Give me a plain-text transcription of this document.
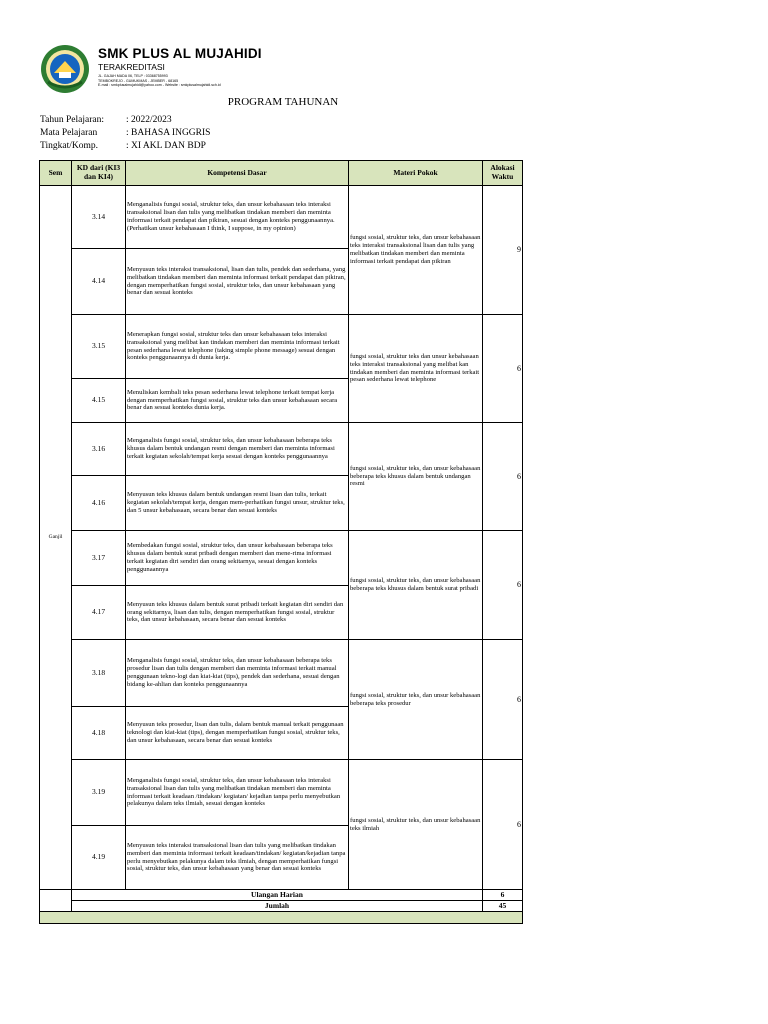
SMK PLUS AL MUJAHIDI
TERAKREDITASI
JL. GAJAH MADA 06, TELP : 03368755993
TEMBOKREJO - GUMUKMAS - JEMBER - 68165
E-mail : smkplusalmujahidi@yahoo.com - Website : smkplusalmujahidi.sch.id
PROGRAM TAHUNAN
Tahun Pelajaran: : 2022/2023
Mata Pelajaran	: BAHASA INGGRIS
Tingkat/Komp.	: XI AKL DAN BDP
Sem	KD dari (KI3 dan KI4)	Kompetensi Dasar	Materi Pokok	Alokasi Waktu
Ganjil	3.14	Menganalisis fungsi sosial, struktur teks, dan unsur kebahasaan teks interaksi transaksional lisan dan tulis yang melibatkan tindakan memberi dan meminta informasi terkait pendapat dan pikiran, sesuai dengan konteks penggunaannya. (Perhatikan unsur kebahasaan I think, I suppose, in my opinion)	fungsi sosial, struktur teks, dan unsur kebahasaan teks interaksi transaksional lisan dan tulis yang melibatkan tindakan memberi dan meminta informasi terkait pendapat dan pikiran	9
	4.14	Menyusun teks interaksi transaksional, lisan dan tulis, pendek dan sederhana, yang melibatkan tindakan memberi dan meminta informasi terkait pendapat dan pikiran, dengan memperhatikan fungsi sosial, struktur teks, dan unsur kebahasaan yang benar dan sesuai konteks		
	3.15	Menerapkan fungsi sosial, struktur teks dan unsur kebahasaan teks interaksi transaksional yang melibat kan tindakan memberi dan meminta informasi terkait pesan sederhana lewat telephone (taking simple phone message) sesuai dengan konteks penggunaannya di dunia kerja.	fungsi sosial, struktur teks dan unsur kebahasaan teks interaksi transaksional yang melibat kan tindakan memberi dan meminta informasi terkait pesan sederhana lewat telephone	6
	4.15	Menuliskan kembali teks pesan sederhana lewat telephone terkait tempat kerja dengan memperhatikan fungsi sosial, struktur teks dan unsur kebahasaan secara benar dan sesuai konteks dunia kerja.		
	3.16	Menganalisis fungsi sosial, struktur teks, dan unsur kebahasaan beberapa teks khusus dalam bentuk undangan resmi dengan memberi dan meminta informasi terkait kegiatan sekolah/tempat kerja sesuai dengan konteks penggunaannya	fungsi sosial, struktur teks, dan unsur kebahasaan beberapa teks khusus dalam bentuk undangan resmi	6
	4.16	Menyusun teks khusus dalam bentuk undangan resmi lisan dan tulis, terkait kegiatan sekolah/tempat kerja, dengan mem-perhatikan fungsi unsur, struktur teks, dan 5 unsur kebahasaan, secara benar dan sesuai konteks		
	3.17	Membedakan fungsi sosial, struktur teks, dan unsur kebahasaan beberapa teks khusus dalam bentuk surat pribadi dengan memberi dan mene-rima informasi terkait kegiatan diri sendiri dan orang sekitarnya, sesuai dengan konteks penggunaannya	fungsi sosial, struktur teks, dan unsur kebahasaan beberapa teks khusus dalam bentuk surat pribadi	6
	4.17	Menyusun teks khusus dalam bentuk surat pribadi terkait kegiatan diri sendiri dan orang sekitarnya, lisan dan tulis, dengan memperhatikan fungsi sosial, struktur teks, dan unsur kebahasaan, secara benar dan sesuai konteks		
	3.18	Menganalisis fungsi sosial, struktur teks, dan unsur kebahasaan beberapa teks prosedur lisan dan tulis dengan memberi dan meminta informasi terkait manual penggunaan tekno-logi dan kiat-kiat (tips), pendek dan sederhana, sesuai dengan bidang ke-ahlian dan konteks penggunaannya	fungsi sosial, struktur teks, dan unsur kebahasaan beberapa teks prosedur	6
	4.18	Menyusun teks prosedur, lisan dan tulis, dalam bentuk manual terkait penggunaan teknologi dan kiat-kiat (tips), dengan memperhatikan fungsi sosial, struktur teks, dan unsur kebahasaan, secara benar dan sesuai konteks		
	3.19	Menganalisis fungsi sosial, struktur teks, dan unsur kebahasaan teks interaksi transaksional lisan dan tulis yang melibatkan tindakan memberi dan meminta informasi terkait keadaan /tindakan/ kegiatan/ kejadian tanpa perlu menyebutkan pelakunya dalam teks ilmiah, sesuai dengan konteks	fungsi sosial, struktur teks, dan unsur kebahasaan teks ilmiah	6
	4.19	Menyusun teks interaksi transaksional lisan dan tulis yang melibatkan tindakan memberi dan meminta informasi terkait keadaan/tindakan/ kegiatan/kejadian tanpa perlu menyebutkan pelakunya dalam teks ilmiah, dengan memperhatikan fungsi sosial, struktur teks, dan unsur kebahasaan yang benar dan sesuai konteks		
	Ulangan Harian			6
	Jumlah			45
